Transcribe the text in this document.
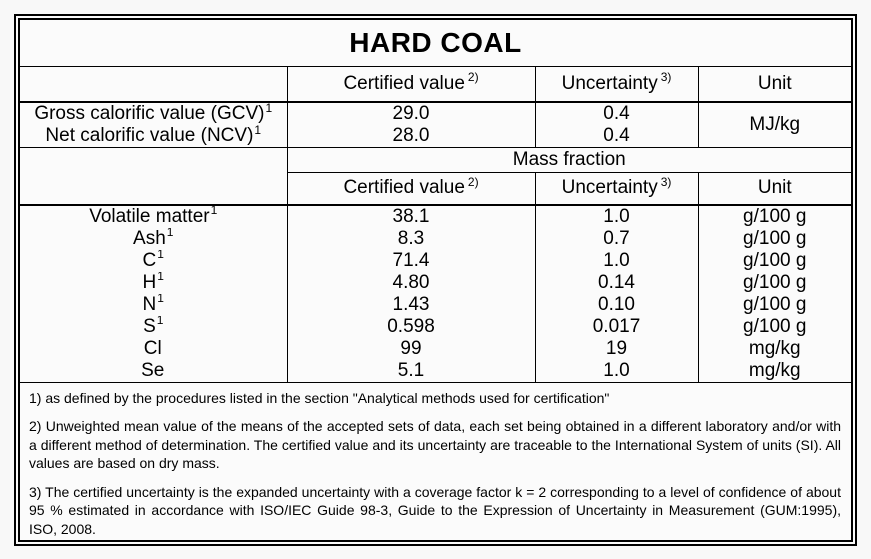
HARD COAL			
	Certified value $^{2)}$	Uncertainty $^{3)}$	Unit
Gross calorific value (GCV)$^1$	29.0	0.4	MJ/kg
Net calorific value (NCV)$^1$	28.0	0.4	
	Mass fraction		
	Certified value $^{2)}$	Uncertainty $^{3)}$	Unit
Volatile matter$^1$	38.1	1.0	g/100 g
Ash$^1$	8.3	0.7	g/100 g
$C^1$	71.4	1.0	g/100 g
$H^1$	4.80	0.14	g/100 g
$N^1$	1.43	0.10	g/100 g
$S^1$	0.598	0.017	g/100 g
Cl	99	19	mg/kg
Se	5.1	1.0	mg/kg

1) as defined by the procedures listed in the section "Analytical methods used for certification"

2) Unweighted mean value of the means of the accepted sets of data, each set being obtained in a different laboratory and/or with a different method of determination. The certified value and its uncertainty are traceable to the International System of units (SI). All values are based on dry mass.

3) The certified uncertainty is the expanded uncertainty with a coverage factor k = 2 corresponding to a level of confidence of about 95 % estimated in accordance with ISO/IEC Guide 98-3, Guide to the Expression of Uncertainty in Measurement (GUM:1995), ISO, 2008.			
